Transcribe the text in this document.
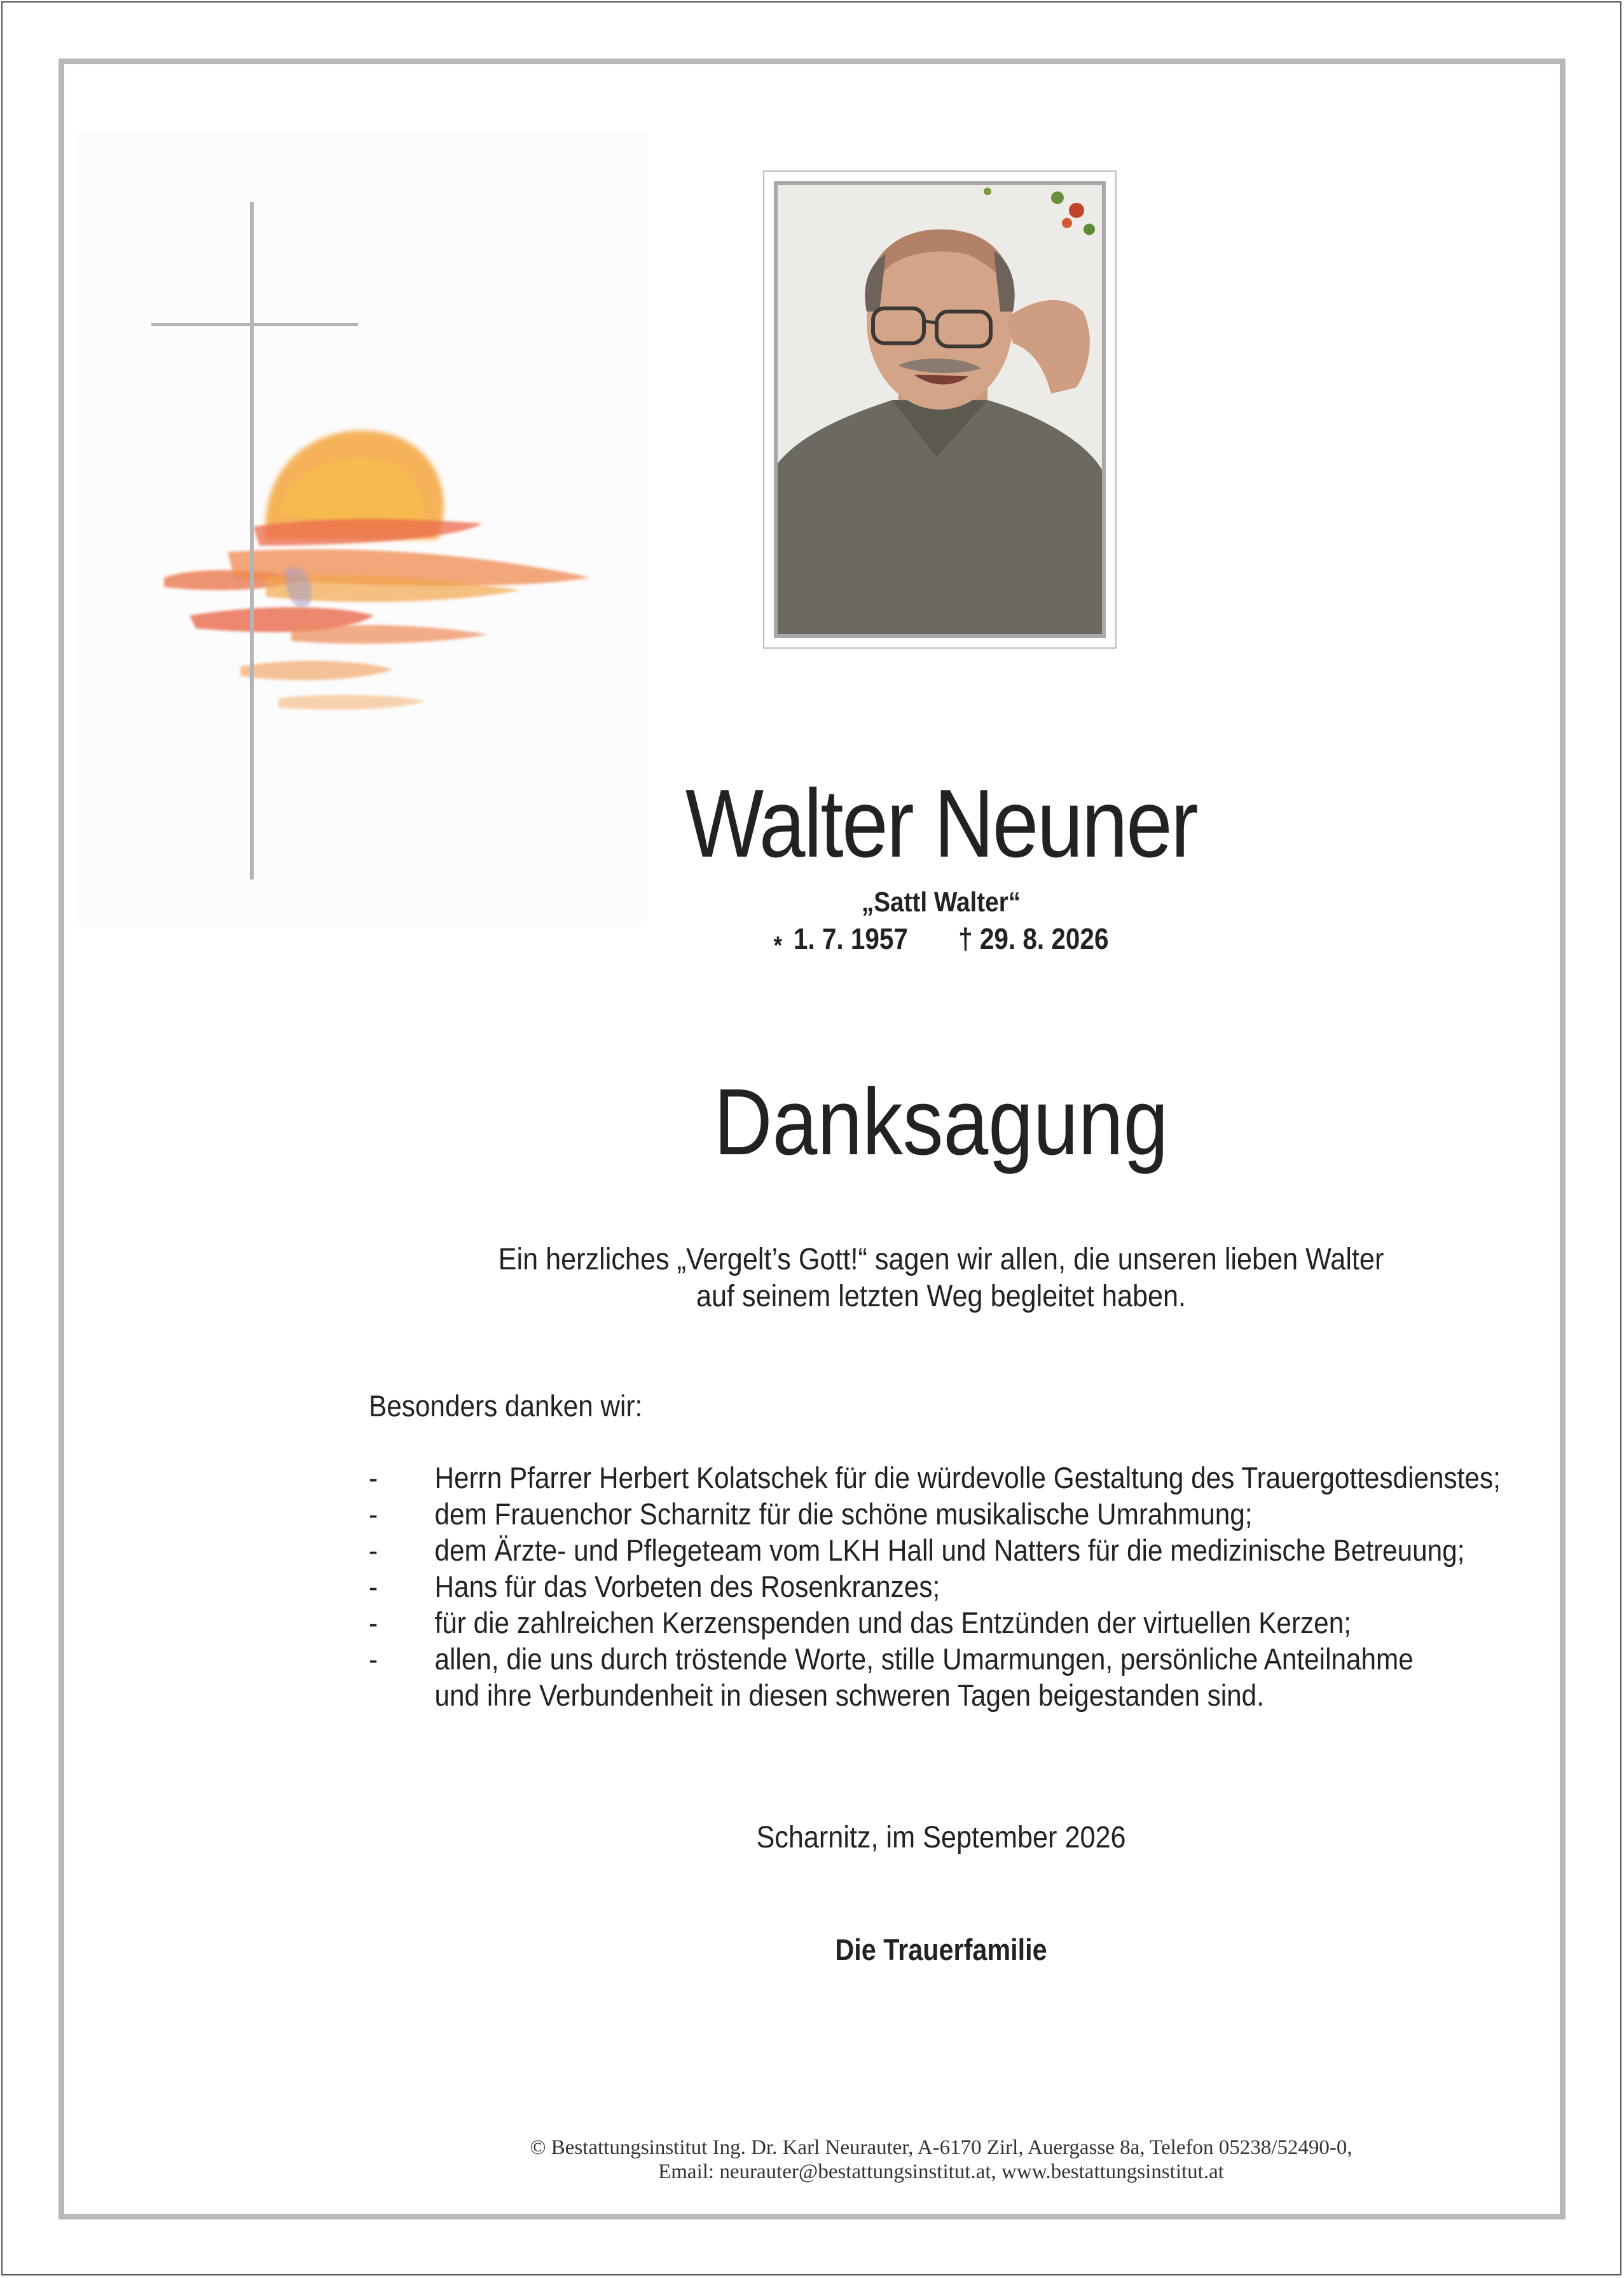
Walter Neuner
„Sattl Walter“
* 1. 7. 1957 † 29. 8. 2026
Danksagung
Ein herzliches „Vergelt’s Gott!“ sagen wir allen, die unseren lieben Walter
auf seinem letzten Weg begleitet haben.
Besonders danken wir:
- Herrn Pfarrer Herbert Kolatschek für die würdevolle Gestaltung des Trauergottesdienstes;
- dem Frauenchor Scharnitz für die schöne musikalische Umrahmung;
- dem Ärzte- und Pflegeteam vom LKH Hall und Natters für die medizinische Betreuung;
- Hans für das Vorbeten des Rosenkranzes;
- für die zahlreichen Kerzenspenden und das Entzünden der virtuellen Kerzen;
- allen, die uns durch tröstende Worte, stille Umarmungen, persönliche Anteilnahme
und ihre Verbundenheit in diesen schweren Tagen beigestanden sind.
Scharnitz, im September 2026
Die Trauerfamilie
© Bestattungsinstitut Ing. Dr. Karl Neurauter, A-6170 Zirl, Auergasse 8a, Telefon 05238/52490-0,
Email: neurauter@bestattungsinstitut.at, www.bestattungsinstitut.at
